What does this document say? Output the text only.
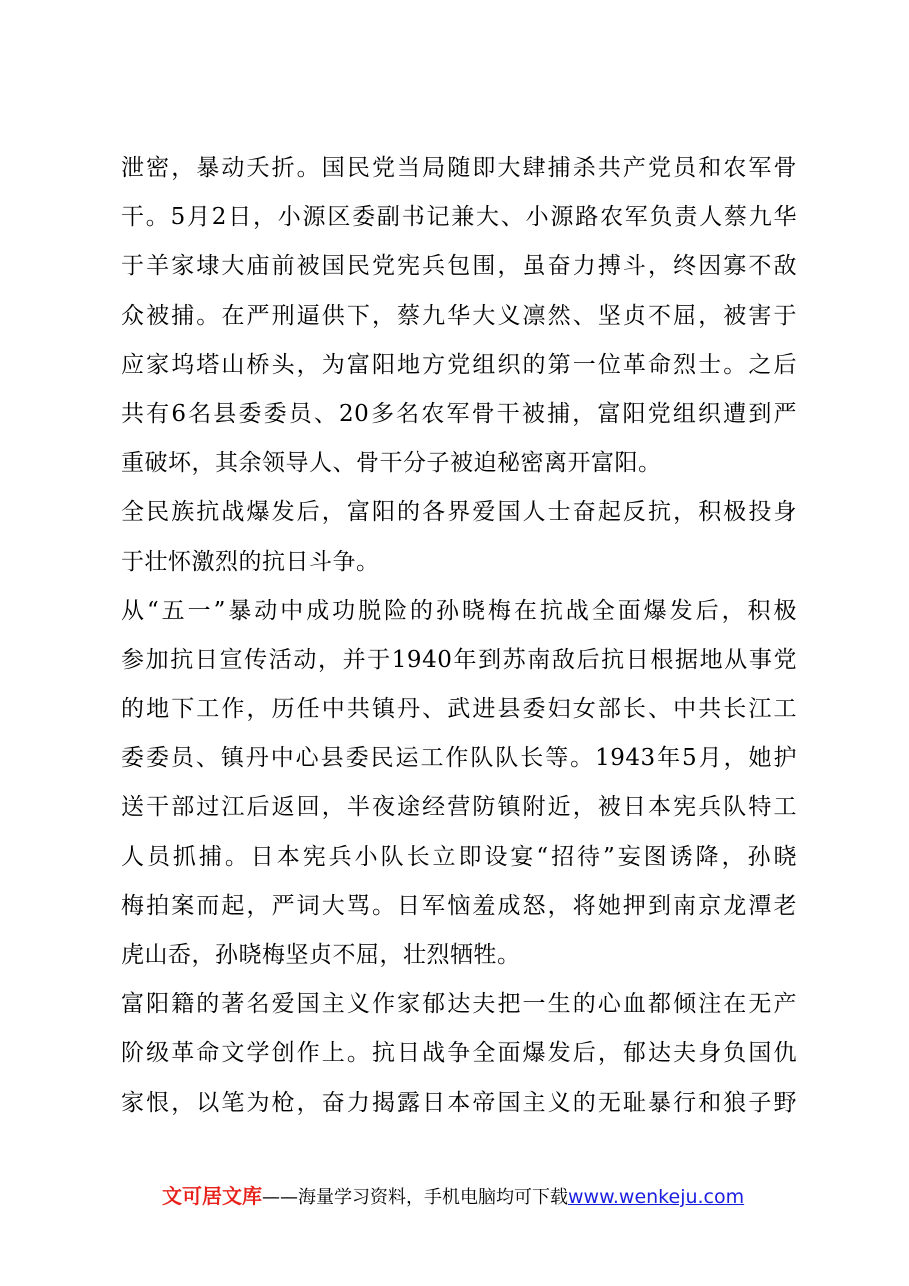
泄密，暴动夭折。国民党当局随即大肆捕杀共产党员和农军骨
干。5月2日，小源区委副书记兼大、小源路农军负责人蔡九华
于羊家埭大庙前被国民党宪兵包围，虽奋力搏斗，终因寡不敌
众被捕。在严刑逼供下，蔡九华大义凛然、坚贞不屈，被害于
应家坞塔山桥头，为富阳地方党组织的第一位革命烈士。之后
共有6名县委委员、20多名农军骨干被捕，富阳党组织遭到严
重破坏，其余领导人、骨干分子被迫秘密离开富阳。
全民族抗战爆发后，富阳的各界爱国人士奋起反抗，积极投身
于壮怀激烈的抗日斗争。
从“五一”暴动中成功脱险的孙晓梅在抗战全面爆发后，积极
参加抗日宣传活动，并于1940年到苏南敌后抗日根据地从事党
的地下工作，历任中共镇丹、武进县委妇女部长、中共长江工
委委员、镇丹中心县委民运工作队队长等。1943年5月，她护
送干部过江后返回，半夜途经营防镇附近，被日本宪兵队特工
人员抓捕。日本宪兵小队长立即设宴“招待”妄图诱降，孙晓
梅拍案而起，严词大骂。日军恼羞成怒，将她押到南京龙潭老
虎山岙，孙晓梅坚贞不屈，壮烈牺牲。
富阳籍的著名爱国主义作家郁达夫把一生的心血都倾注在无产
阶级革命文学创作上。抗日战争全面爆发后，郁达夫身负国仇
家恨，以笔为枪，奋力揭露日本帝国主义的无耻暴行和狼子野
文可居文库——海量学习资料，手机电脑均可下载www.wenkeju.com
